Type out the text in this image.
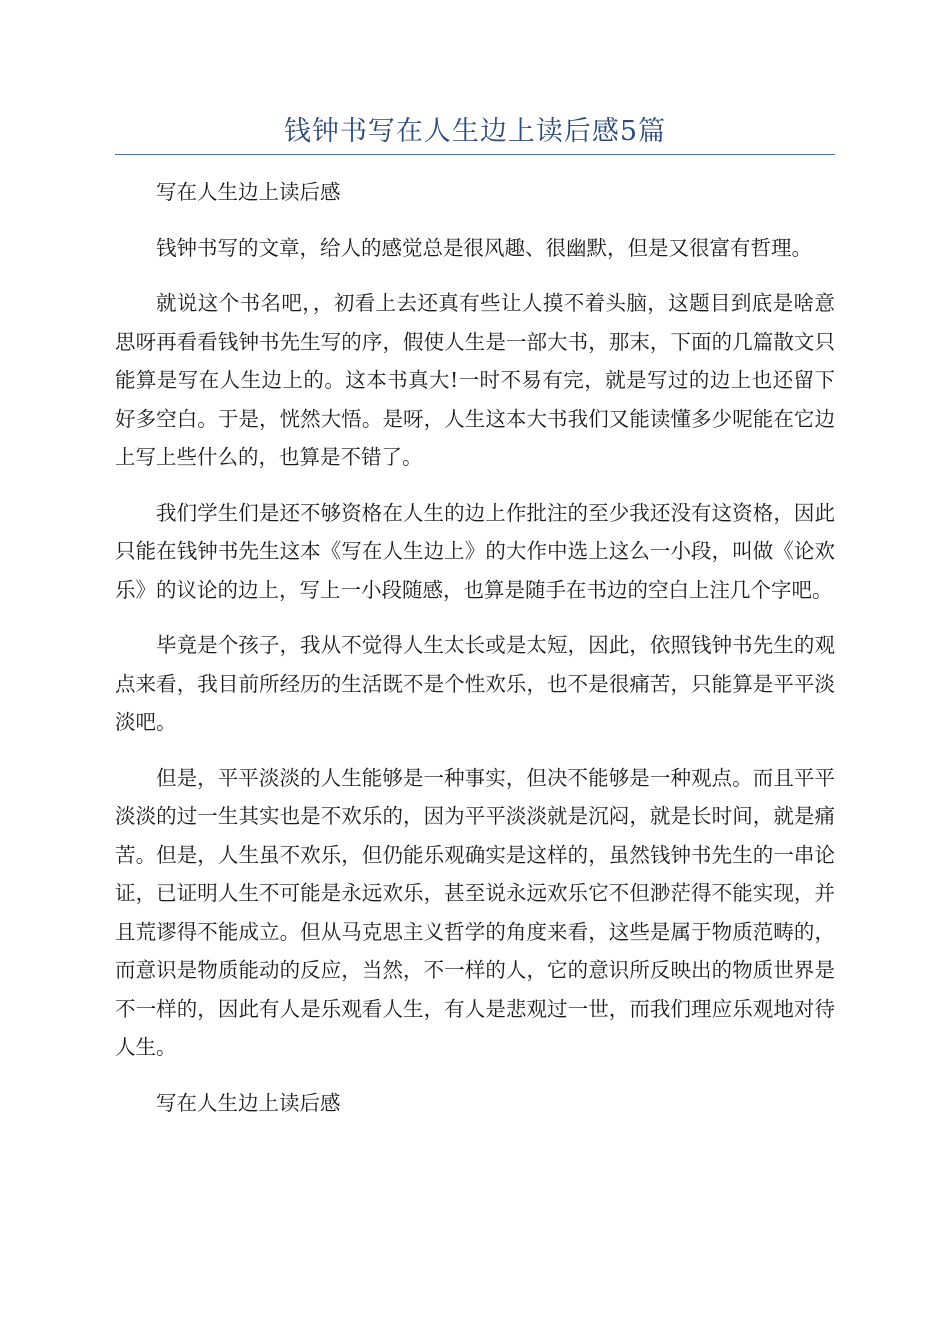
钱钟书写在人生边上读后感5篇

写在人生边上读后感

钱钟书写的文章，给人的感觉总是很风趣、很幽默，但是又很富有哲理。

就说这个书名吧，，初看上去还真有些让人摸不着头脑，这题目到底是啥意思呀再看看钱钟书先生写的序，假使人生是一部大书，那末，下面的几篇散文只能算是写在人生边上的。这本书真大!一时不易有完，就是写过的边上也还留下好多空白。于是，恍然大悟。是呀，人生这本大书我们又能读懂多少呢能在它边上写上些什么的，也算是不错了。

我们学生们是还不够资格在人生的边上作批注的至少我还没有这资格，因此只能在钱钟书先生这本《写在人生边上》的大作中选上这么一小段，叫做《论欢乐》的议论的边上，写上一小段随感，也算是随手在书边的空白上注几个字吧。

毕竟是个孩子，我从不觉得人生太长或是太短，因此，依照钱钟书先生的观点来看，我目前所经历的生活既不是个性欢乐，也不是很痛苦，只能算是平平淡淡吧。

但是，平平淡淡的人生能够是一种事实，但决不能够是一种观点。而且平平淡淡的过一生其实也是不欢乐的，因为平平淡淡就是沉闷，就是长时间，就是痛苦。但是，人生虽不欢乐，但仍能乐观确实是这样的，虽然钱钟书先生的一串论证，已证明人生不可能是永远欢乐，甚至说永远欢乐它不但渺茫得不能实现，并且荒谬得不能成立。但从马克思主义哲学的角度来看，这些是属于物质范畴的，而意识是物质能动的反应，当然，不一样的人，它的意识所反映出的物质世界是不一样的，因此有人是乐观看人生，有人是悲观过一世，而我们理应乐观地对待人生。

写在人生边上读后感
